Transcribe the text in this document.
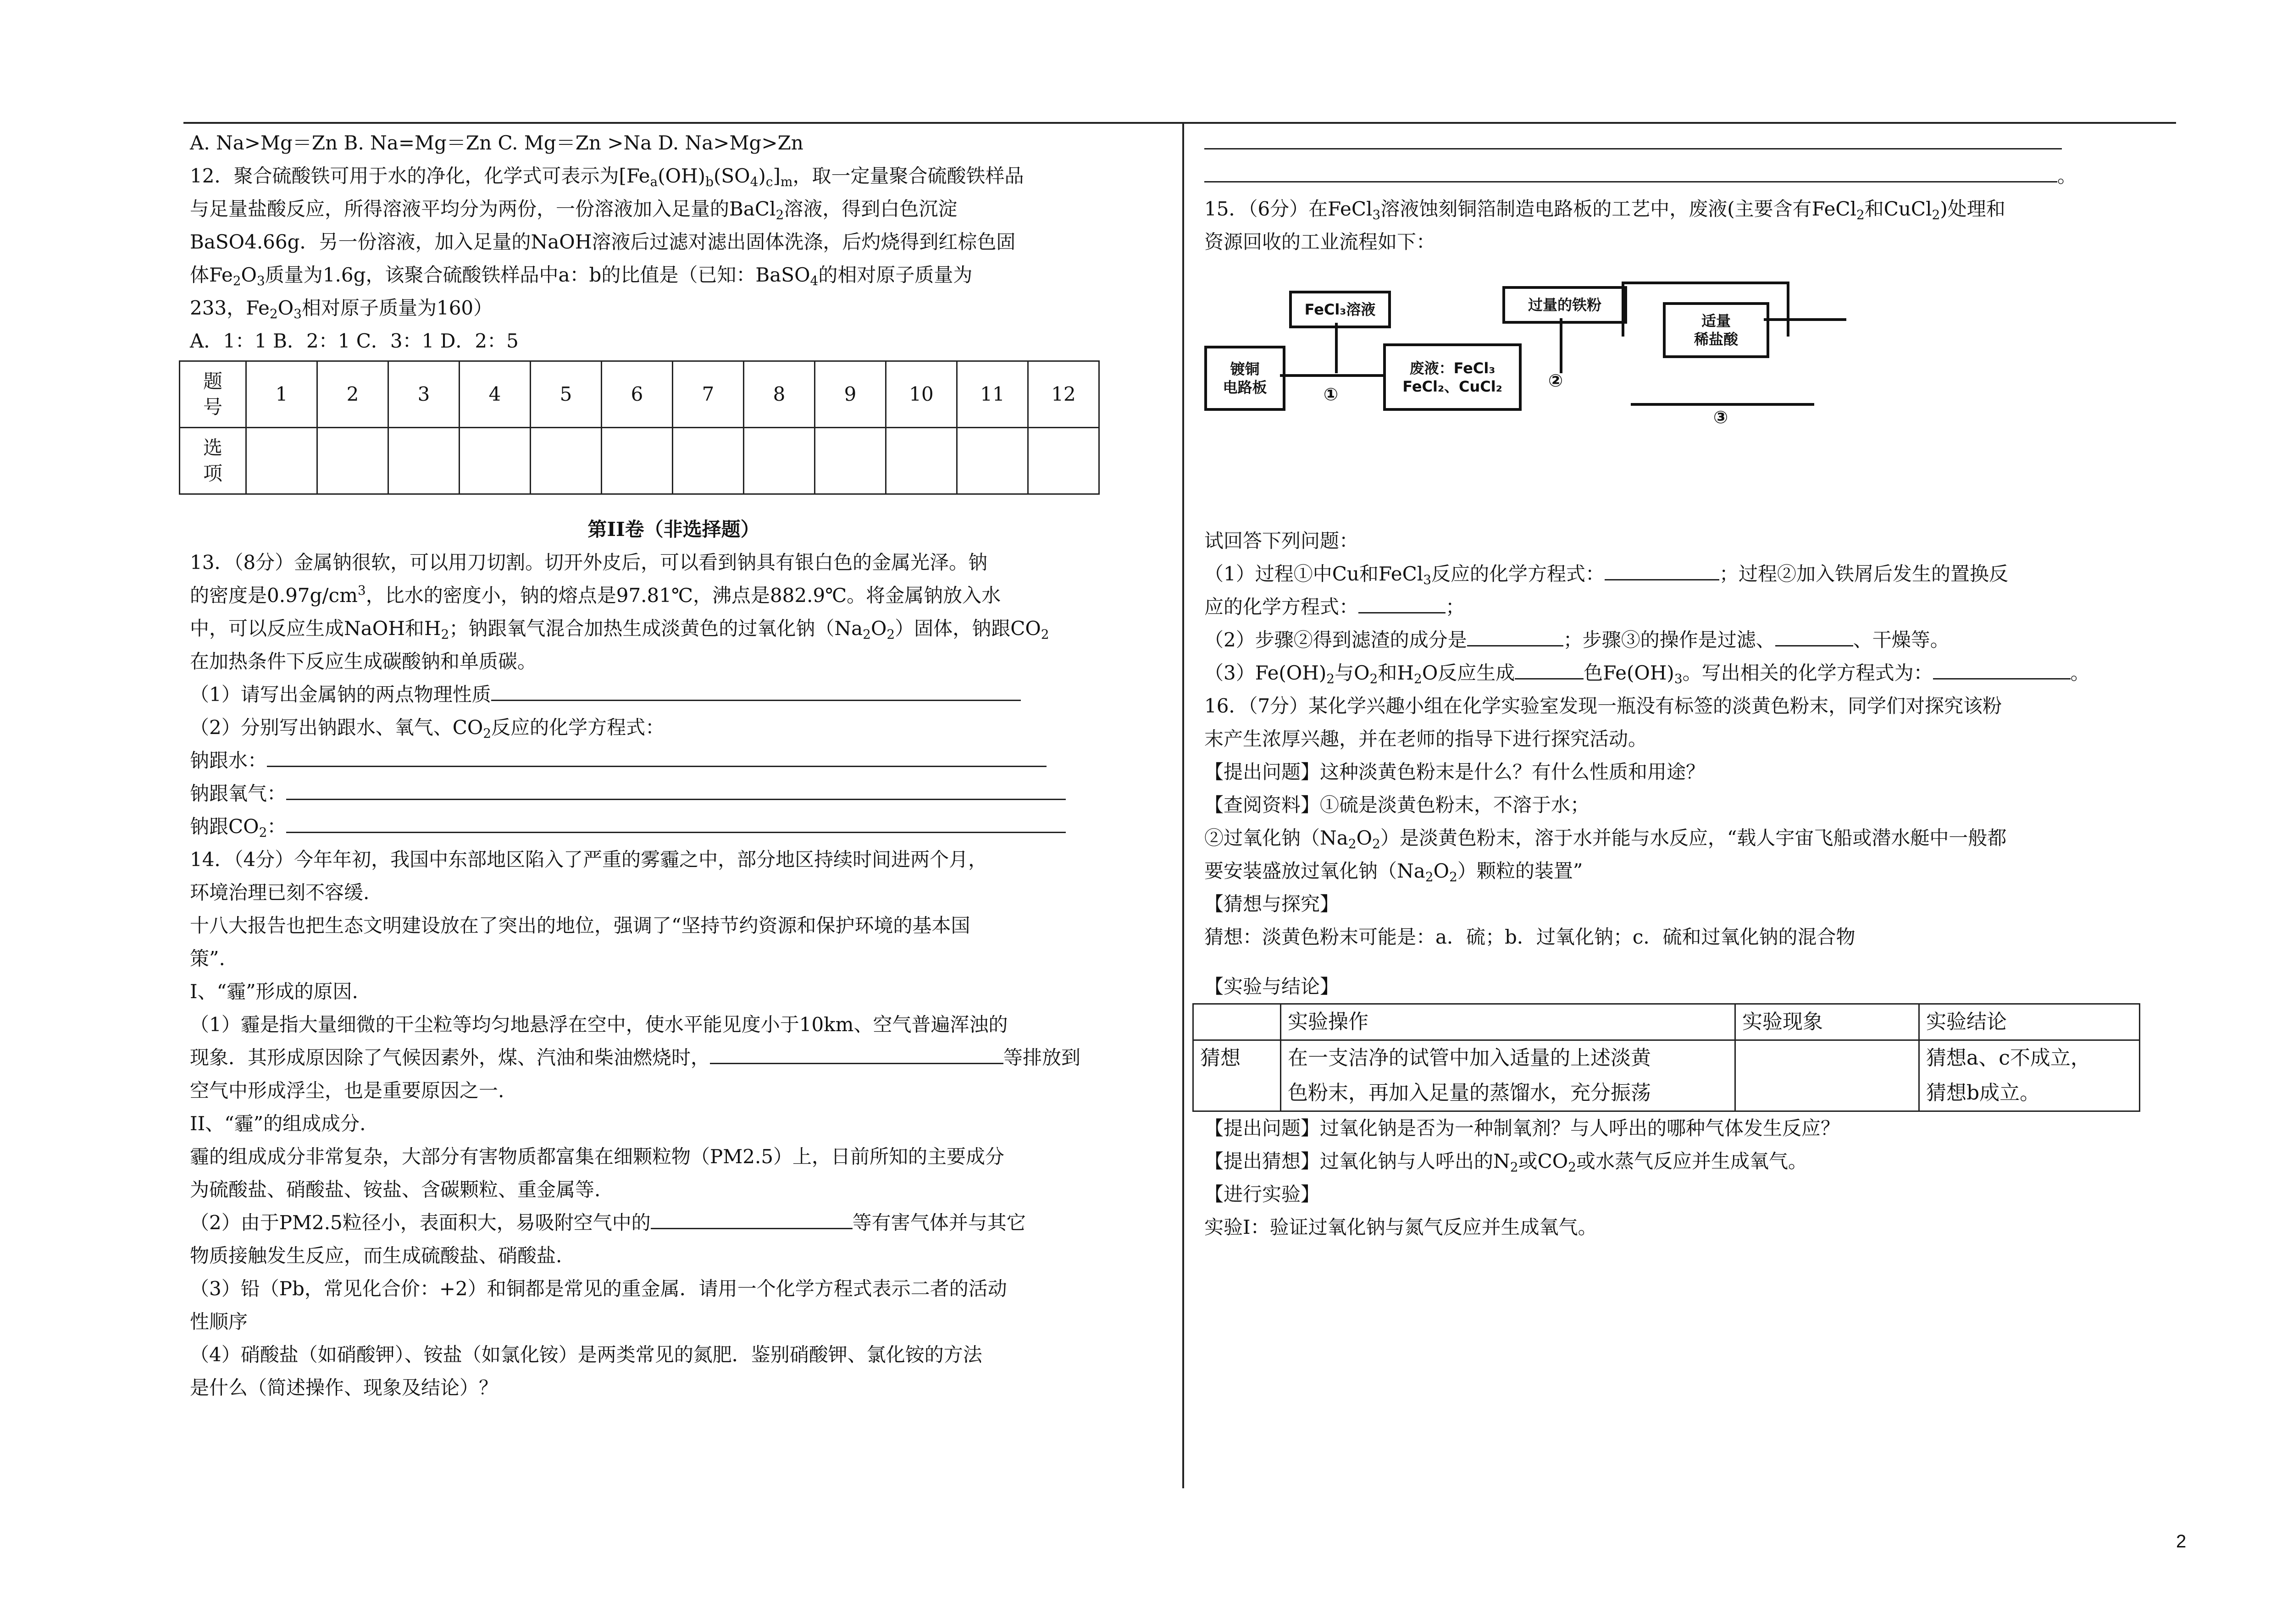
A. Na>Mg＝Zn B. Na=Mg＝Zn C. Mg＝Zn >Na D. Na>Mg>Zn
12．聚合硫酸铁可用于水的净化，化学式可表示为$[Fe_a(OH)_b(SO_4)_c]_m$，取一定量聚合硫酸铁样品
与足量盐酸反应，所得溶液平均分为两份，一份溶液加入足量的BaCl$_2$溶液，得到白色沉淀
BaSO4.66g．另一份溶液，加入足量的NaOH溶液后过滤对滤出固体洗涤，后灼烧得到红棕色固
体$Fe_2O_3$质量为1.6g，该聚合硫酸铁样品中a：b的比值是（已知：BaSO$_4$的相对原子质量为
233，$Fe_2O_3$相对原子质量为160）
A．1：1 B．2：1 C．3：1 D．2：5
题
号	1	2	3	4	5	6	7	8	9	10	11	12
选
项												
第II卷（非选择题）
13．（8分）金属钠很软，可以用刀切割。切开外皮后，可以看到钠具有银白色的金属光泽。钠
的密度是$0.97g/cm^3$，比水的密度小，钠的熔点是97.81℃，沸点是882.9℃。将金属钠放入水
中，可以反应生成NaOH和$H_2$；钠跟氧气混合加热生成淡黄色的过氧化钠$(Na_2O_2)$固体，钠跟$CO_2$
在加热条件下反应生成碳酸钠和单质碳。
（1）请写出金属钠的两点物理性质
（2）分别写出钠跟水、氧气、$CO_2$反应的化学方程式：
钠跟水：
钠跟氧气：
钠跟$CO_2$：
14．（4分）今年年初，我国中东部地区陷入了严重的雾霾之中，部分地区持续时间进两个月，
环境治理已刻不容缓.
十八大报告也把生态文明建设放在了突出的地位，强调了“坚持节约资源和保护环境的基本国
策”.
I、“霾”形成的原因.
（1）霾是指大量细微的干尘粒等均匀地悬浮在空中，使水平能见度小于10km、空气普遍浑浊的
现象．其形成原因除了气候因素外，煤、汽油和柴油燃烧时，	等排放到
空气中形成浮尘，也是重要原因之一.
II、“霾”的组成成分.
霾的组成成分非常复杂，大部分有害物质都富集在细颗粒物（PM2.5）上，日前所知的主要成分
为硫酸盐、硝酸盐、铵盐、含碳颗粒、重金属等.
（2）由于PM2.5粒径小，表面积大，易吸附空气中的	等有害气体并与其它
物质接触发生反应，而生成硫酸盐、硝酸盐.
（3）铅（Pb，常见化合价：+2）和铜都是常见的重金属．请用一个化学方程式表示二者的活动
性顺序
（4）硝酸盐（如硝酸钾）、铵盐（如氯化铵）是两类常见的氮肥．鉴别硝酸钾、氯化铵的方法
是什么（简述操作、现象及结论）？
。
15．（6分）在FeCl$_3$溶液蚀刻铜箔制造电路板的工艺中，废液(主要含有FeCl$_2$和CuCl$_2$)处理和
资源回收的工业流程如下：
FeCl₃溶液
镀铜
电路板
废液：FeCl₃
FeCl₂、CuCl₂
过量的铁粉
适量
稀盐酸
①
②
③
试回答下列问题：
（1）过程①中Cu和FeCl$_3$反应的化学方程式：	；过程②加入铁屑后发生的置换反
应的化学方程式：	；
（2）步骤②得到滤渣的成分是	；步骤③的操作是过滤、	、干燥等。
$(3)Fe(OH)_2$与$O_2$和$H_2O$反应生成	色$Fe(OH)_3$。写出相关的化学方程式为：	。
16．（7分）某化学兴趣小组在化学实验室发现一瓶没有标签的淡黄色粉末，同学们对探究该粉
末产生浓厚兴趣，并在老师的指导下进行探究活动。
【提出问题】这种淡黄色粉末是什么？有什么性质和用途？
【查阅资料】①硫是淡黄色粉末，不溶于水；
②过氧化钠$(Na_2O_2)$是淡黄色粉末，溶于水并能与水反应，“载人宇宙飞船或潜水艇中一般都
要安装盛放过氧化钠$(Na_2O_2)$颗粒的装置”
【猜想与探究】
猜想：淡黄色粉末可能是：a．硫；b．过氧化钠；c．硫和过氧化钠的混合物
【实验与结论】
	实验操作	实验现象	实验结论
猜想	在一支洁净的试管中加入适量的上述淡黄
色粉末，再加入足量的蒸馏水，充分振荡		猜想a、c不成立，
猜想b成立。
【提出问题】过氧化钠是否为一种制氧剂？与人呼出的哪种气体发生反应？
【提出猜想】过氧化钠与人呼出的$N_2$或$CO_2$或水蒸气反应并生成氧气。
【进行实验】
实验Ⅰ：验证过氧化钠与氮气反应并生成氧气。
2
